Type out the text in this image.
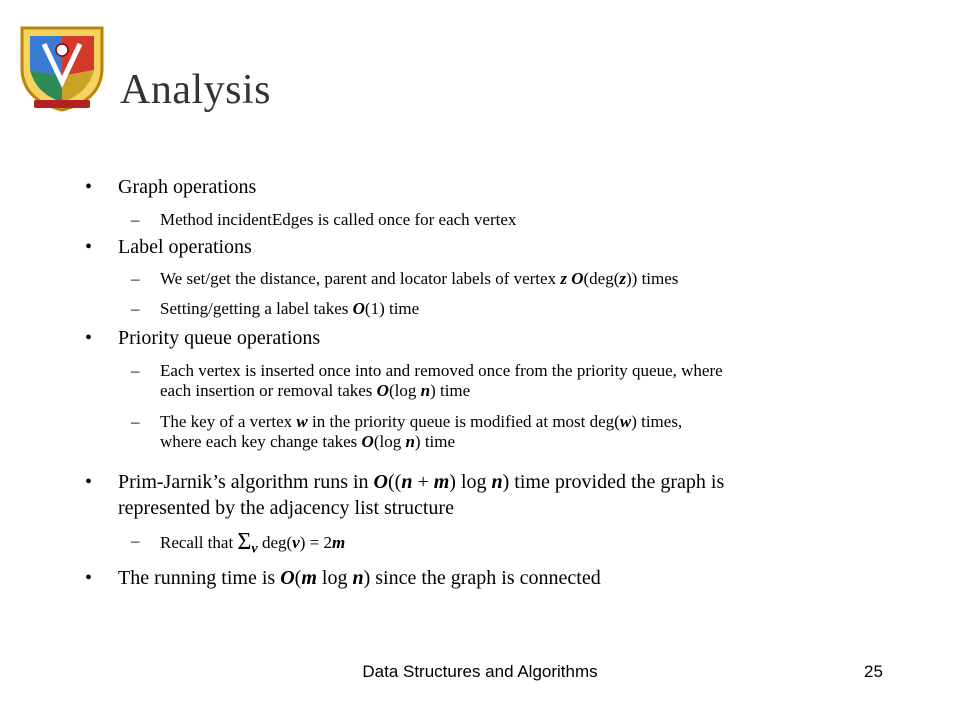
Analysis
• Graph operations
– Method incidentEdges is called once for each vertex
• Label operations
– We set/get the distance, parent and locator labels of vertex z O(deg(z)) times
– Setting/getting a label takes O(1) time
• Priority queue operations
– Each vertex is inserted once into and removed once from the priority queue, where
each insertion or removal takes O(log n) time
– The key of a vertex w in the priority queue is modified at most deg(w) times,
where each key change takes O(log n) time
• Prim-Jarnik’s algorithm runs in O((n + m) log n) time provided the graph is
represented by the adjacency list structure
– Recall that $\Sigma_v$ deg(v) = 2m
• The running time is O(m log n) since the graph is connected
Data Structures and Algorithms	25
